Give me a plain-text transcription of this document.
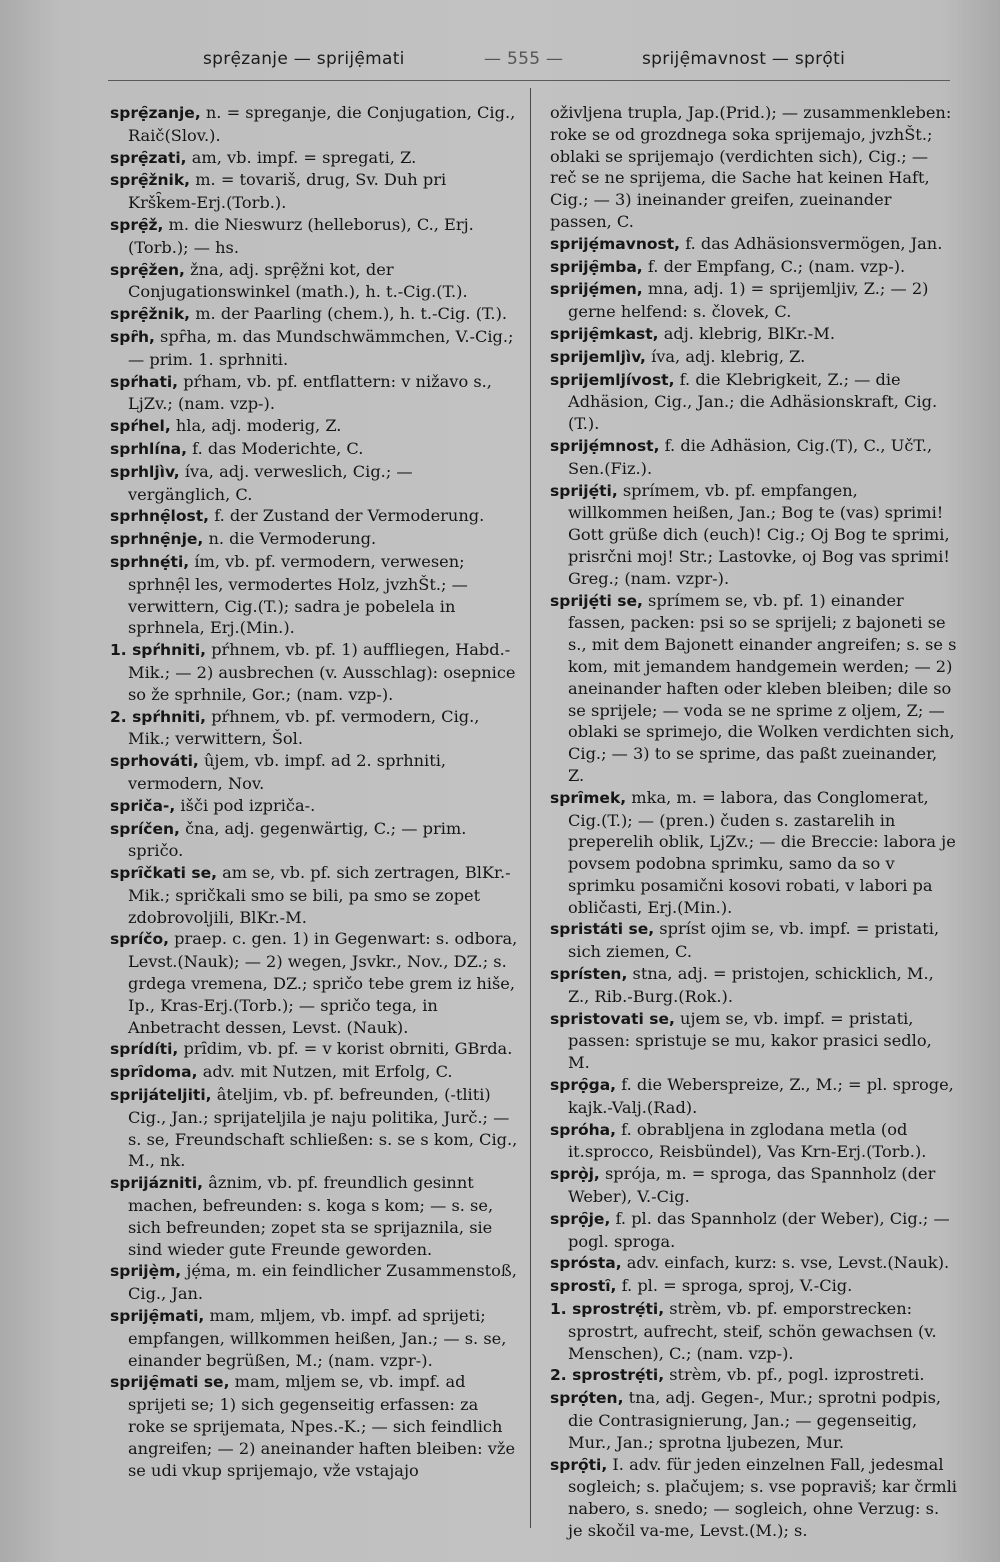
sprẹ̑zanje — sprijẹ̑mati	— 555 —	sprijẹ̑mavnost — sprọ̑ti

sprẹ̑zanje, n. = spreganje, die Conjugation, Cig., Raič(Slov.).

sprẹ̑zati, am, vb. impf. = spregati, Z.

sprẹ̑žnik, m. = tovariš, drug, Sv. Duh pri Kršk̑em-Erj.(Torb.).

sprẹ̑ž, m. die Nieswurz (helleborus), C., Erj. (Torb.); — hs.

sprẹ̑žen, žna, adj. sprẹ̑žni kot, der Conjugationswinkel (math.), h. t.-Cig.(T.).

sprẹ̑žnik, m. der Paarling (chem.), h. t.-Cig. (T.).

spȓh, spȓha, m. das Mundschwämmchen, V.-Cig.; — prim. 1. sprhniti.

spŕhati, pŕham, vb. pf. entflattern: v nižavo s., LjZv.; (nam. vzp-).

spŕhel, hla, adj. moderig, Z.

sprhlína, f. das Moderichte, C.

sprhljìv, íva, adj. verweslich, Cig.; — vergänglich, C.

sprhnẹ̑lost, f. der Zustand der Vermoderung.

sprhnẹ̑nje, n. die Vermoderung.

sprhnẹ́ti, ím, vb. pf. vermodern, verwesen; sprhnẹ̑l les, vermodertes Holz, jvzhŠt.; — verwittern, Cig.(T.); sadra je pobelela in sprhnela, Erj.(Min.).

1. spŕhniti, pŕhnem, vb. pf. 1) auffliegen, Habd.-Mik.; — 2) ausbrechen (v. Ausschlag): osepnice so že sprhnile, Gor.; (nam. vzp-).

2. spŕhniti, pŕhnem, vb. pf. vermodern, Cig., Mik.; verwittern, Šol.

sprhováti, ûjem, vb. impf. ad 2. sprhniti, vermodern, Nov.

spriča-, išči pod izpriča-.

spríčen, čna, adj. gegenwärtig, C.; — prim. spričo.

sprȋčkati se, am se, vb. pf. sich zertragen, BlKr.-Mik.; spričkali smo se bili, pa smo se zopet zdobrovoljili, BlKr.-M.

spríčo, praep. c. gen. 1) in Gegenwart: s. odbora, Levst.(Nauk); — 2) wegen, Jsvkr., Nov., DZ.; s. grdega vremena, DZ.; spričo tebe grem iz hiše, Ip., Kras-Erj.(Torb.); — spričo tega, in Anbetracht dessen, Levst. (Nauk).

sprídíti, prȋdim, vb. pf. = v korist obrniti, GBrda.

sprȋdoma, adv. mit Nutzen, mit Erfolg, C.

sprijáteljiti, âteljim, vb. pf. befreunden, (-tliti) Cig., Jan.; sprijateljila je naju politika, Jurč.; — s. se, Freundschaft schließen: s. se s kom, Cig., M., nk.

sprijázniti, âznim, vb. pf. freundlich gesinnt machen, befreunden: s. koga s kom; — s. se, sich befreunden; zopet sta se sprijaznila, sie sind wieder gute Freunde geworden.

sprijẹ̀m, jẹ́ma, m. ein feindlicher Zusammenstoß, Cig., Jan.

sprijẹ̑mati, mam, mljem, vb. impf. ad sprijeti; empfangen, willkommen heißen, Jan.; — s. se, einander begrüßen, M.; (nam. vzpr-).

sprijẹ̑mati se, mam, mljem se, vb. impf. ad sprijeti se; 1) sich gegenseitig erfassen: za roke se sprijemata, Npes.-K.; — sich feindlich angreifen; — 2) aneinander haften bleiben: vže se udi vkup sprijemajo, vže vstajajo

oživljena trupla, Jap.(Prid.); — zusammenkleben: roke se od grozdnega soka sprijemajo, jvzhŠt.; oblaki se sprijemajo (verdichten sich), Cig.; — reč se ne sprijema, die Sache hat keinen Haft, Cig.; — 3) ineinander greifen, zueinander passen, C.

sprijẹ́mavnost, f. das Adhäsionsvermögen, Jan.

sprijẹ̑mba, f. der Empfang, C.; (nam. vzp-).

sprijẹ́men, mna, adj. 1) = sprijemljiv, Z.; — 2) gerne helfend: s. človek, C.

sprijẹ̑mkast, adj. klebrig, BlKr.-M.

sprijemljìv, íva, adj. klebrig, Z.

sprijemljívost, f. die Klebrigkeit, Z.; — die Adhäsion, Cig., Jan.; die Adhäsionskraft, Cig. (T.).

sprijẹ́mnost, f. die Adhäsion, Cig.(T), C., UčT., Sen.(Fiz.).

sprijẹ́ti, sprímem, vb. pf. empfangen, willkommen heißen, Jan.; Bog te (vas) sprimi! Gott grüße dich (euch)! Cig.; Oj Bog te sprimi, prisrčni moj! Str.; Lastovke, oj Bog vas sprimi! Greg.; (nam. vzpr-).

sprijẹ́ti se, sprímem se, vb. pf. 1) einander fassen, packen: psi so se sprijeli; z bajoneti se s., mit dem Bajonett einander angreifen; s. se s kom, mit jemandem handgemein werden; — 2) aneinander haften oder kleben bleiben; dile so se sprijele; — voda se ne sprime z oljem, Z; — oblaki se sprimejo, die Wolken verdichten sich, Cig.; — 3) to se sprime, das paßt zueinander, Z.

sprȋmek, mka, m. = labora, das Conglomerat, Cig.(T.); — (pren.) čuden s. zastarelih in preperelih oblik, LjZv.; — die Breccie: labora je povsem podobna sprimku, samo da so v sprimku posamični kosovi robati, v labori pa obličasti, Erj.(Min.).

spristáti se, spríst ojim se, vb. impf. = pristati, sich ziemen, C.

sprísten, stna, adj. = pristojen, schicklich, M., Z., Rib.-Burg.(Rok.).

spristovati se, ujem se, vb. impf. = pristati, passen: spristuje se mu, kakor prasici sedlo, M.

sprọ̑ga, f. die Weberspreize, Z., M.; = pl. sproge, kajk.-Valj.(Rad).

spróha, f. obrabljena in zglodana metla (od it.sprocco, Reisbündel), Vas Krn-Erj.(Torb.).

sprọ̀j, sprója, m. = sproga, das Spannholz (der Weber), V.-Cig.

sprọ̑je, f. pl. das Spannholz (der Weber), Cig.; — pogl. sproga.

sprósta, adv. einfach, kurz: s. vse, Levst.(Nauk).

sprostȋ, f. pl. = sproga, sproj, V.-Cig.

1. sprostrẹ́ti, strèm, vb. pf. emporstrecken: sprostrt, aufrecht, steif, schön gewachsen (v. Menschen), C.; (nam. vzp-).

2. sprostrẹ́ti, strèm, vb. pf., pogl. izprostreti.

sprọ́ten, tna, adj. Gegen-, Mur.; sprotni podpis, die Contrasignierung, Jan.; — gegenseitig, Mur., Jan.; sprotna ljubezen, Mur.

sprọ̑ti, I. adv. für jeden einzelnen Fall, jedesmal sogleich; s. plačujem; s. vse popraviš; kar črmli nabero, s. snedo; — sogleich, ohne Verzug: s. je skočil va-me, Levst.(M.); s.
